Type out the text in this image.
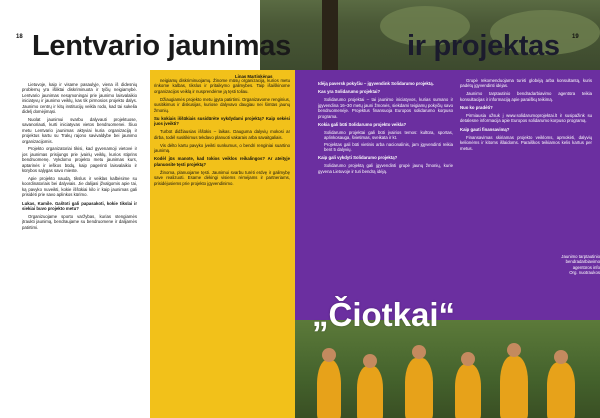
18	19
Lentvario jaunimas	ir projektas
Linas Martinkėnas

Lietuvoje, kaip ir visame pasaulyje, viena iš didesnių problemų yra išliktai diskriminuota ir tyčių neigiamybė. Lentvario jaunimas nesąmoningai prie jaunimo laisvalaikio iniciatyvų ir jaunimo veiklų, kas tik pirmosios projekto dalys. Jaunimo centrų ir kitų institucijų veikla rodo, kad tai sukelia didelį domėjimąsi.

Nuolat jaunimui svarbu dalyvauti projektuose, savanoriauti, kurti iniciatyvas vietos bendruomenei. Šiuo metu Lentvario jaunimas aktyviai kuria organizaciją ir projektus kartu su Trakų rajono savivaldybe bei jaunimo organizacijomis.

Projekto organizatoriai tikisi, kad gyvenamoji vietovė ir jos jaunimas prisijungs prie įvairių veiklų, kurios stiprins bendruomenę. Vykdomo projekto metu jaunimas kurs, aptarinės ir ieškos būdų, kaip pagerinti laisvalaikio ir kūrybos sąlygas savo mieste.

Apie projekto naudą, tikslus ir veiklas kalbėsime su koordinatoriais bei dalyviais. Jie dalijasi įžvalgomis apie tai, ką pavyko nuveikti, kokie iššūkiai kilo ir kaip jaunimas gali prisidėti prie savo aplinkos kūrimo.

Lukas, Kamile. Gaštoti gali papasakoti, kokie tikslai ir siekiai buvo projekto metu?

Organizuojame sporto varžybas, kurias stengiamės įtraukti jaunimą, bendraujame su bendruomene ir dalijamės patirtimi.

neigiamų diskriminuojamų. Žinome mūsų organizaciją, kurios metu rinkome kalbas, tikslus ir pritaikymo galimybes. Taip išaiškinome organizacijos veiklą ir nusprendėme ją tęsti toliau.

Džiaugiamės projekto metu įgyta patirtimi. Organizavome renginius, susitikimus ir diskusijas, kuriose dalyvavo daugiau nei šimtas jaunų žmonių.

Su kokiais iššūkiais susidūrėte vykdydami projektą? Kaip sekėsi juos įveikti?

Turbūt didžiausias iššūkis – laikas. Dauguma dalyvių mokosi ar dirba, todėl susitikimus tekdavo planuoti vakarais arba savaitgaliais.

Vis dėlto kartu pavyko įveikti sunkumus, o bendri renginiai suartino jaunimą.

Kodėl jūs manote, kad tokios veiklos reikalingos? Ar ateityje planuosite tęsti projektą?

Žinoma, planuojame tęsti. Jaunimui svarbu turėti erdvę ir galimybę save realizuoti. Esame dėkingi visiems rėmėjams ir partneriams, prisidėjusiems prie projekto įgyvendinimo.

Idėją paversk pokyčiu – įgyvendink Solidarumo projektą.

Kas yra Solidarumo projektai?

Solidarumo projektai – tai jaunimo iniciatyvos, kurias sumano ir įgyvendina 16–30 metų jauni žmonės, siekdami teigiamų pokyčių savo bendruomenėje. Projektus finansuoja Europos solidarumo korpuso programa.

Kokia gali būti Solidarumo projekto veikla?

• Solidarumo projektai gali būti įvairios temos: kultūra, sportas, aplinkosauga, švietimas, sveikata ir kt.
• Projektas gali būti vietinis arba nacionalinis, jam įgyvendinti reikia bent 5 dalyvių.

Kaip gali vykdyti Solidarumo projektą?

Solidarumo projektą gali įgyvendinti grupė jaunų žmonių, kurie gyvena Lietuvoje ir turi bendrą idėją.

Grupė rekomenduojama turėti globėją arba konsultantą, kuris padėtų įgyvendinti idėjas.

Jaunimo tarptautinio bendradarbiavimo agentūra teikia konsultacijas ir informaciją apie paraiškų teikimą.

Nuo ko pradėti?

Pirmiausia užsuk į www.solidarumoprojektai.lt ir susipažink su detalesne informacija apie Europos solidarumo korpuso programą.

Kaip gauti finansavimą?

Finansavimas skiriamas projekto veikloms, apmokėti, dalyvių kelionėms ir kitoms išlaidoms. Paraiškos teikiamos kelis kartus per metus.

Jaunimo tarptautinio bendradarbiavimo
agentūros info
Org. nuotraukos
„Čiotkai“
